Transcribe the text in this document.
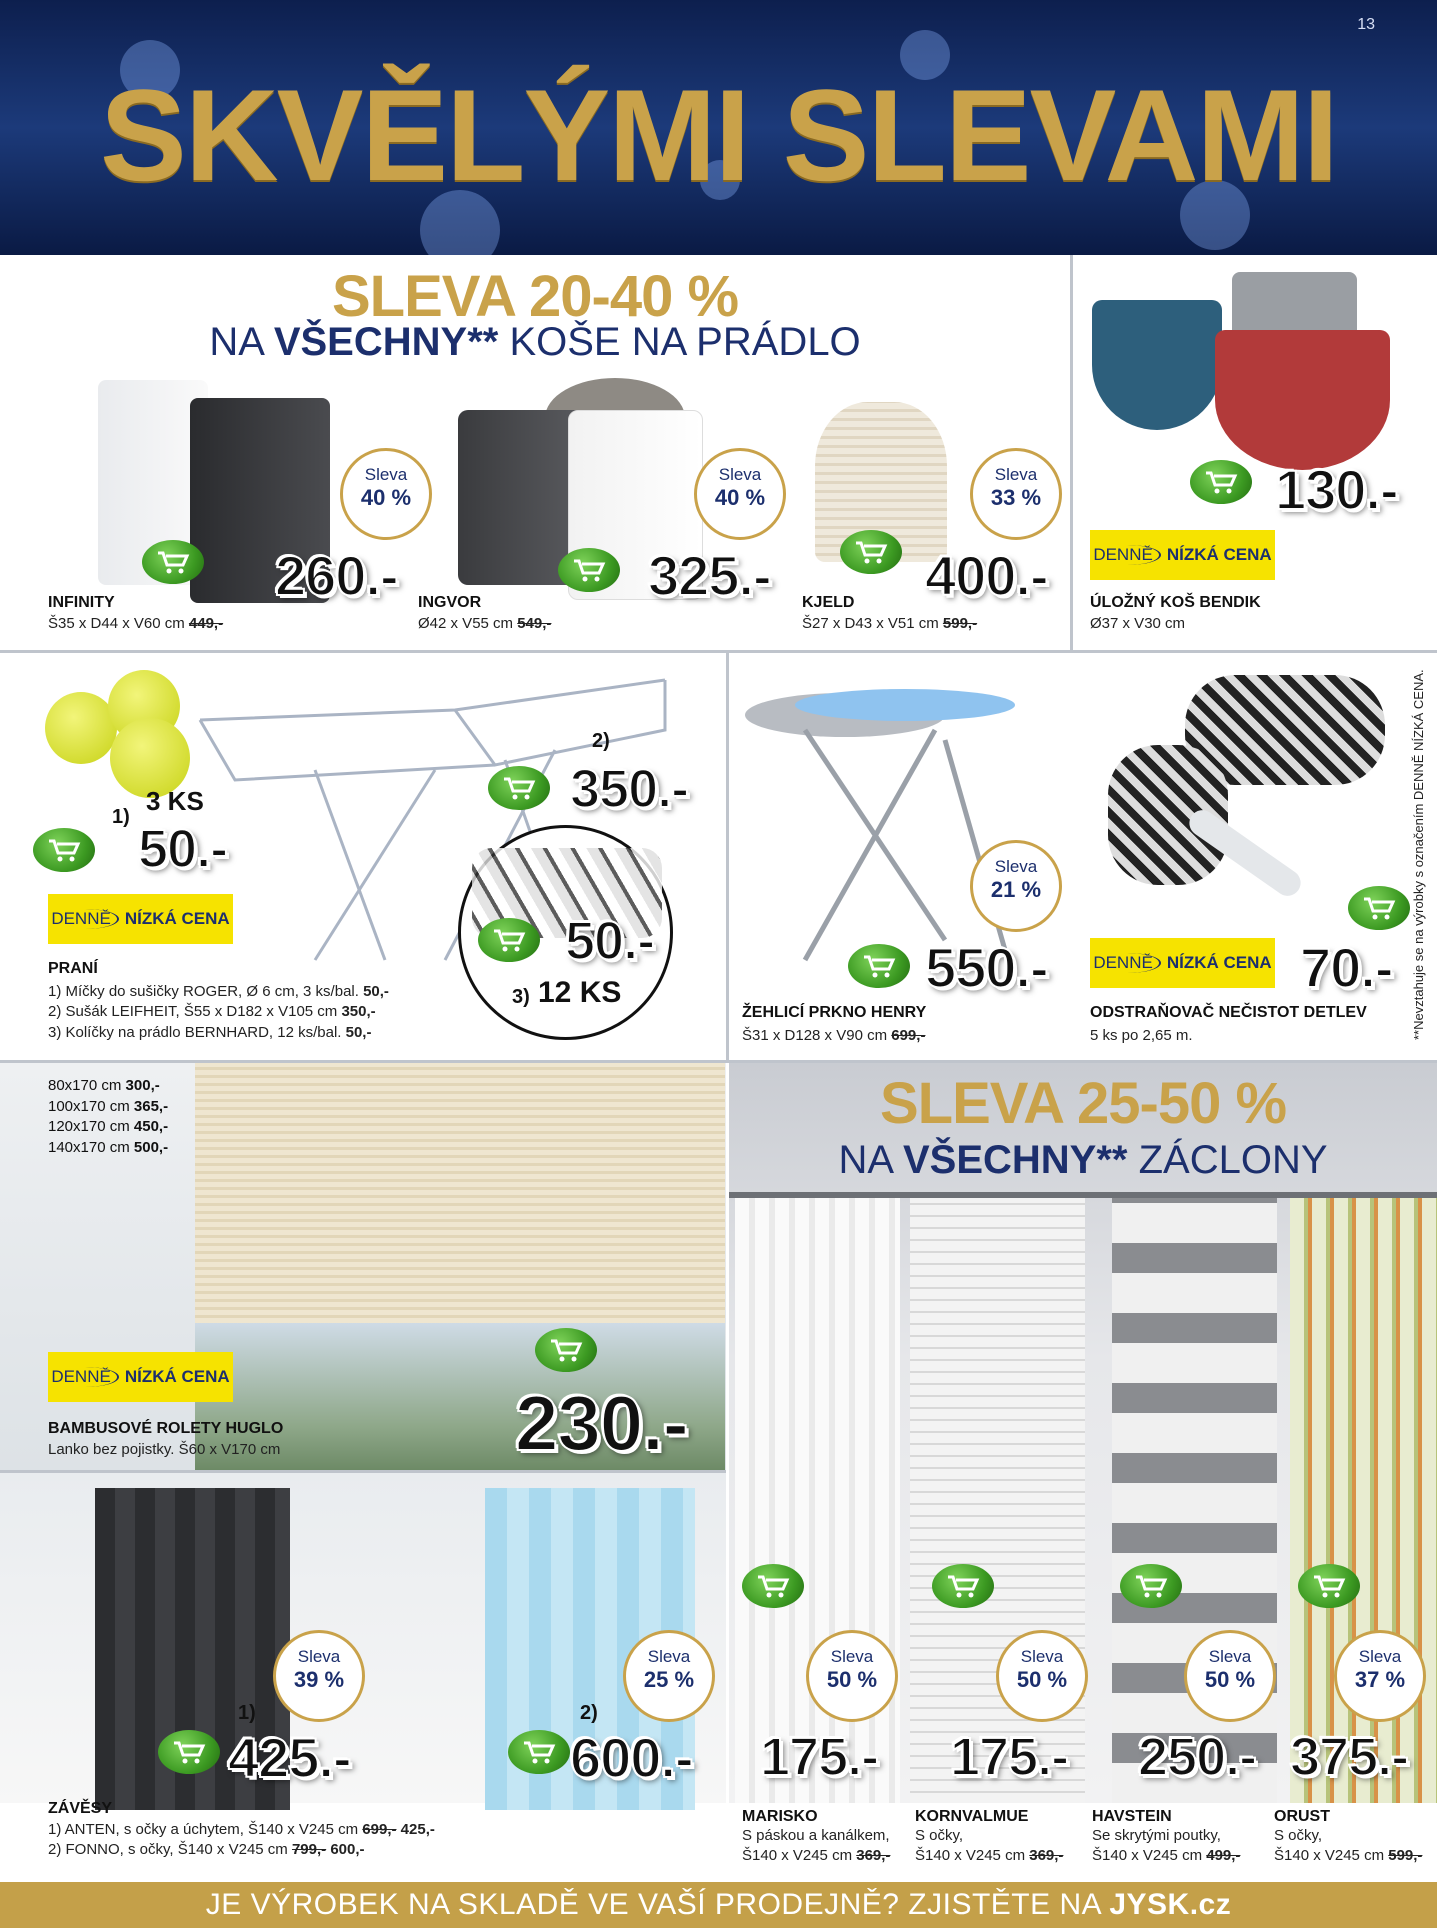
13
SKVĚLÝMI SLEVAMI
SLEVA 20-40 %
NA VŠECHNY** KOŠE NA PRÁDLO
Sleva
40 %
260.-
INFINITY
Š35 x D44 x V60 cm 449,-
Sleva
40 %
325.-
INGVOR
Ø42 x V55 cm 549,-
Sleva
33 %
400.-
KJELD
Š27 x D43 x V51 cm 599,-
130.-
DENNĚ NÍZKÁ CENA
ÚLOŽNÝ KOŠ BENDIK
Ø37 x V30 cm
**Nevztahuje se na výrobky s označením DENNĚ NÍZKÁ CENA.
3 KS
1)
50.-
2)
350.-
50.-
3) 12 KS
DENNĚ NÍZKÁ CENA
PRANÍ
1) Míčky do sušičky ROGER, Ø 6 cm, 3 ks/bal. 50,-
2) Sušák LEIFHEIT, Š55 x D182 x V105 cm 350,-
3) Kolíčky na prádlo BERNHARD, 12 ks/bal. 50,-
Sleva
21 %
550.-
ŽEHLICÍ PRKNO HENRY
Š31 x D128 x V90 cm 699,-
DENNĚ NÍZKÁ CENA 70.-
ODSTRAŇOVAČ NEČISTOT DETLEV
5 ks po 2,65 m.
80x170 cm 300,-
100x170 cm 365,-
120x170 cm 450,-
140x170 cm 500,-
DENNĚ NÍZKÁ CENA
230.-
BAMBUSOVÉ ROLETY HUGLO
Lanko bez pojistky. Š60 x V170 cm
Sleva
39 %
Sleva
25 %
1)	2)
425.-	600.-
ZÁVĚSY
1) ANTEN, s očky a úchytem, Š140 x V245 cm 699,- 425,-
2) FONNO, s očky, Š140 x V245 cm 799,- 600,-
SLEVA 25-50 %
NA VŠECHNY** ZÁCLONY
Sleva
50 %
Sleva
50 %
Sleva
50 %
Sleva
37 %
175.- 175.- 250.- 375.-
MARISKO
S páskou a kanálkem,
Š140 x V245 cm 369,-
KORNVALMUE
S očky,
Š140 x V245 cm 369,-
HAVSTEIN
Se skrytými poutky,
Š140 x V245 cm 499,-
ORUST
S očky,
Š140 x V245 cm 599,-
JE VÝROBEK NA SKLADĚ VE VAŠÍ PRODEJNĚ? ZJISTĚTE NA JYSK.cz
